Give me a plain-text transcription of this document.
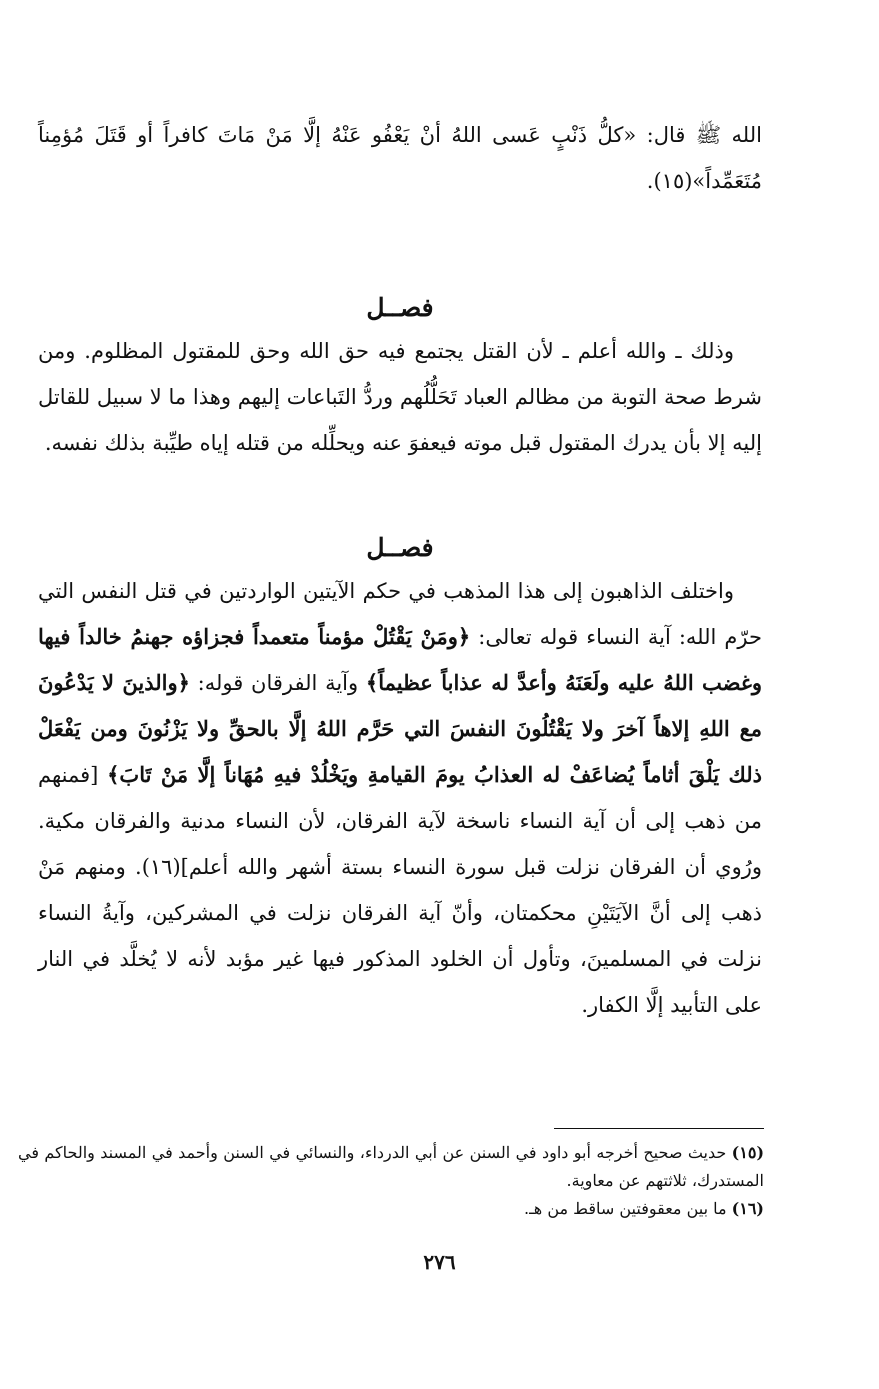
الله ﷺ قال: «كلُّ ذَنْبٍ عَسى اللهُ أنْ يَعْفُو عَنْهُ إلَّا مَنْ مَاتَ كافراً أو قَتَلَ مُؤمِناً مُتَعَمِّداً»(١٥).

فصــل

وذلك ـ والله أعلم ـ لأن القتل يجتمع فيه حق الله وحق للمقتول المظلوم. ومن شرط صحة التوبة من مظالم العباد تَحَلُّلُهم وردُّ التَباعات إليهم وهذا ما لا سبيل للقاتل إليه إلا بأن يدرك المقتول قبل موته فيعفوَ عنه ويحلِّله من قتله إياه طيِّبة بذلك نفسه.

فصــل

واختلف الذاهبون إلى هذا المذهب في حكم الآيتين الواردتين في قتل النفس التي حرّم الله: آية النساء قوله تعالى: ﴿ومَنْ يَقْتُلْ مؤمناً متعمداً فجزاؤه جهنمُ خالداً فيها وغضب اللهُ عليه ولَعَنَهُ وأعدَّ له عذاباً عظيماً﴾ وآية الفرقان قوله: ﴿والذينَ لا يَدْعُونَ مع اللهِ إلاهاً آخرَ ولا يَقْتُلُونَ النفسَ التي حَرَّم اللهُ إلَّا بالحقِّ ولا يَزْنُونَ ومن يَفْعَلْ ذلك يَلْقَ أثاماً يُضاعَفْ له العذابُ يومَ القيامةِ ويَخْلُدْ فيهِ مُهَاناً إلَّا مَنْ تَابَ﴾ [فمنهم من ذهب إلى أن آية النساء ناسخة لآية الفرقان، لأن النساء مدنية والفرقان مكية. ورُوي أن الفرقان نزلت قبل سورة النساء بستة أشهر والله أعلم](١٦). ومنهم مَنْ ذهب إلى أنَّ الآيَتَيْنِ محكمتان، وأنّ آية الفرقان نزلت في المشركين، وآيةُ النساء نزلت في المسلمينَ، وتأول أن الخلود المذكور فيها غير مؤبد لأنه لا يُخلَّد في النار على التأبيد إلَّا الكفار.

(١٥) حديث صحيح أخرجه أبو داود في السنن عن أبي الدرداء، والنسائي في السنن وأحمد في المسند والحاكم في المستدرك، ثلاثتهم عن معاوية.

(١٦) ما بين معقوفتين ساقط من هـ.

٢٧٦
